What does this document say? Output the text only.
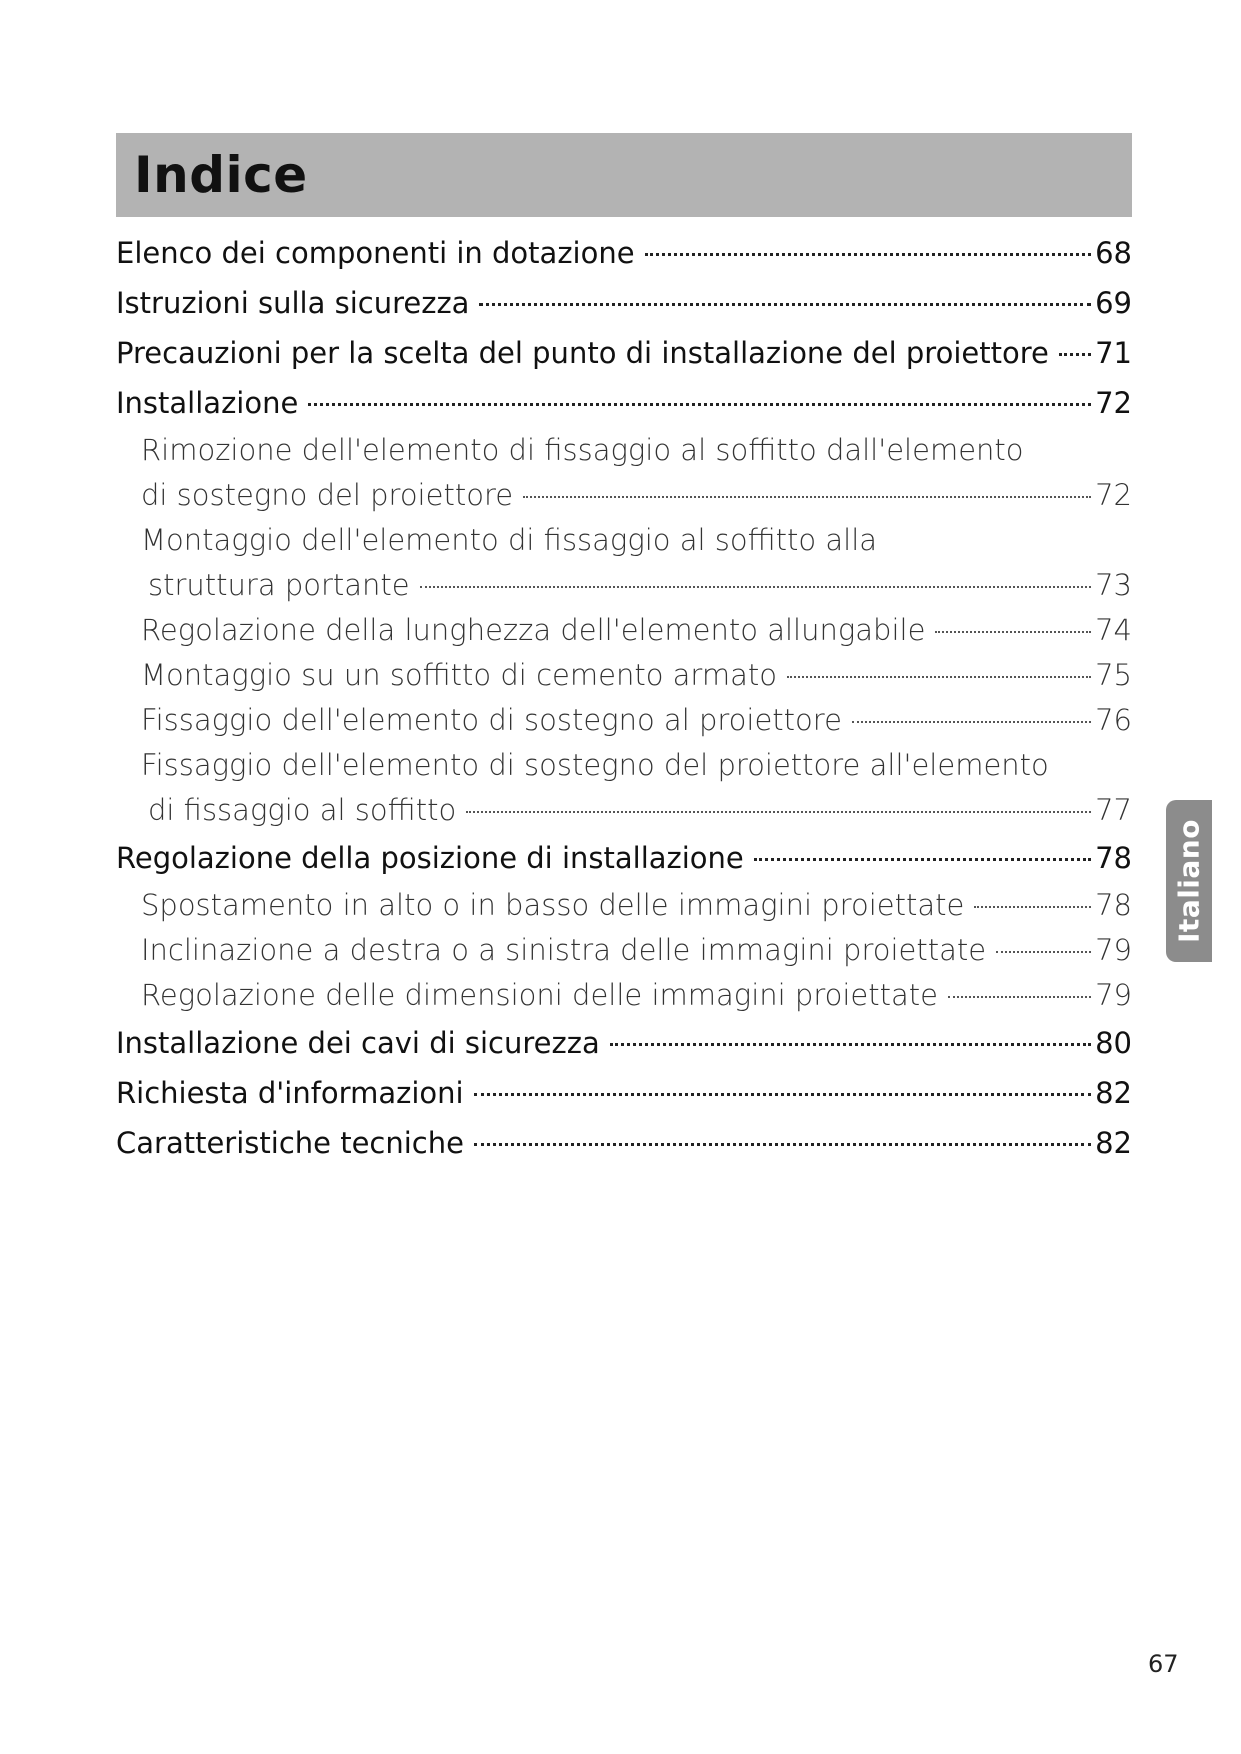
Indice
Elenco dei componenti in dotazione	68
Istruzioni sulla sicurezza	69
Precauzioni per la scelta del punto di installazione del proiettore 71
Installazione	72
Rimozione dell'elemento di fissaggio al soffitto dall'elemento
di sostegno del proiettore	72
Montaggio dell'elemento di fissaggio al soffitto alla
struttura portante	73
Regolazione della lunghezza dell'elemento allungabile	74
Montaggio su un soffitto di cemento armato	75
Fissaggio dell'elemento di sostegno al proiettore	76
Fissaggio dell'elemento di sostegno del proiettore all'elemento
di fissaggio al soffitto	77
Regolazione della posizione di installazione	78
Spostamento in alto o in basso delle immagini proiettate	78
Inclinazione a destra o a sinistra delle immagini proiettate	79
Regolazione delle dimensioni delle immagini proiettate	79
Installazione dei cavi di sicurezza	80
Richiesta d'informazioni	82
Caratteristiche tecniche	82
Italiano
67
